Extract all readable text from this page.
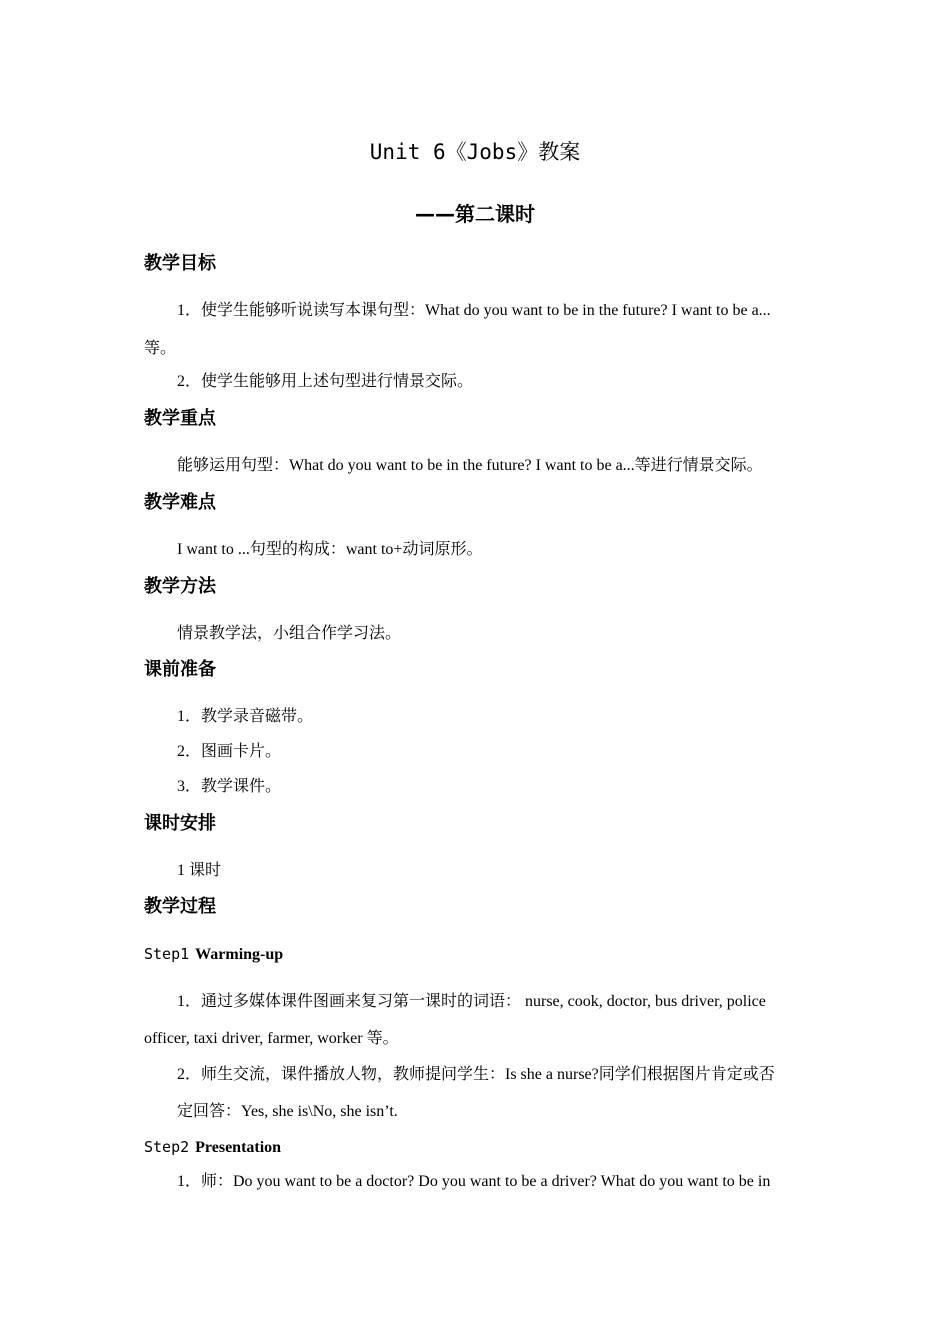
Unit 6《Jobs》教案
——第二课时
教学目标
1．使学生能够听说读写本课句型：What do you want to be in the future? I want to be a...
等。
2．使学生能够用上述句型进行情景交际。
教学重点
能够运用句型：What do you want to be in the future? I want to be a...等进行情景交际。
教学难点
I want to ...句型的构成：want to+动词原形。
教学方法
情景教学法，小组合作学习法。
课前准备
1．教学录音磁带。
2．图画卡片。
3．教学课件。
课时安排
1 课时
教学过程
Step1 Warming-up
1．通过多媒体课件图画来复习第一课时的词语： nurse, cook, doctor, bus driver, police
officer, taxi driver, farmer, worker 等。
2．师生交流，课件播放人物，教师提问学生：Is she a nurse?同学们根据图片肯定或否
定回答：Yes, she is\No, she isn’t.
Step2 Presentation
1．师：Do you want to be a doctor? Do you want to be a driver? What do you want to be in
